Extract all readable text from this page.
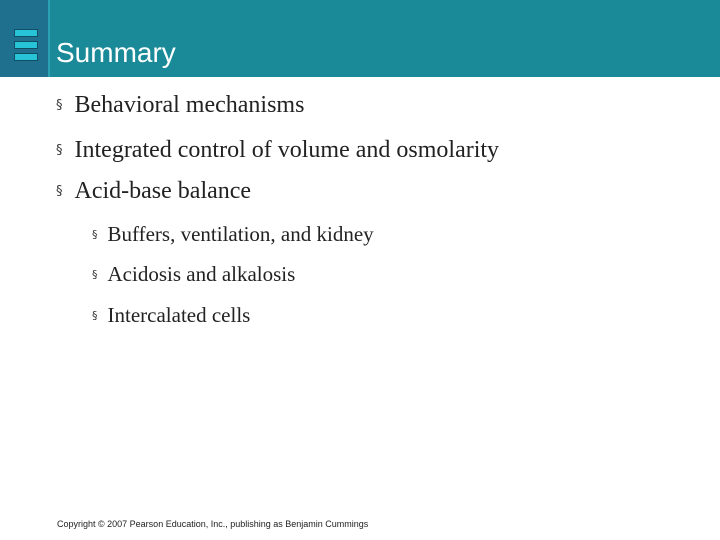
Summary
§ Behavioral mechanisms
§ Integrated control of volume and osmolarity
§ Acid-base balance
§ Buffers, ventilation, and kidney
§ Acidosis and alkalosis
§ Intercalated cells
Copyright © 2007 Pearson Education, Inc., publishing as Benjamin Cummings
